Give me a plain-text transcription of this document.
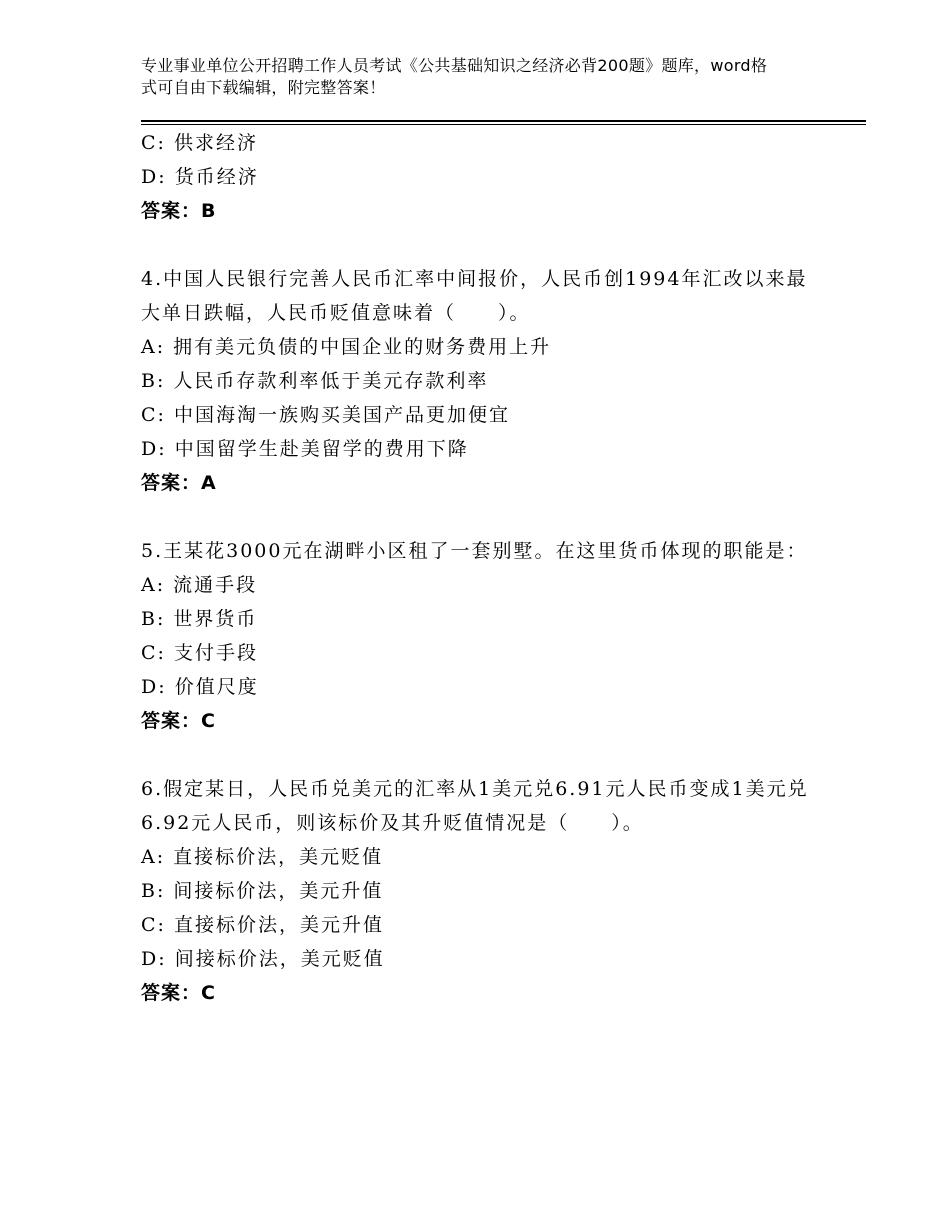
专业事业单位公开招聘工作人员考试《公共基础知识之经济必背200题》题库，word格式可自由下载编辑，附完整答案！
C: 供求经济
D: 货币经济
答案：B
4.中国人民银行完善人民币汇率中间报价，人民币创1994年汇改以来最大单日跌幅，人民币贬值意味着（　　）。
A: 拥有美元负债的中国企业的财务费用上升
B: 人民币存款利率低于美元存款利率
C: 中国海淘一族购买美国产品更加便宜
D: 中国留学生赴美留学的费用下降
答案：A
5.王某花3000元在湖畔小区租了一套别墅。在这里货币体现的职能是：
A: 流通手段
B: 世界货币
C: 支付手段
D: 价值尺度
答案：C
6.假定某日，人民币兑美元的汇率从1美元兑6.91元人民币变成1美元兑6.92元人民币，则该标价及其升贬值情况是（　　）。
A: 直接标价法，美元贬值
B: 间接标价法，美元升值
C: 直接标价法，美元升值
D: 间接标价法，美元贬值
答案：C
